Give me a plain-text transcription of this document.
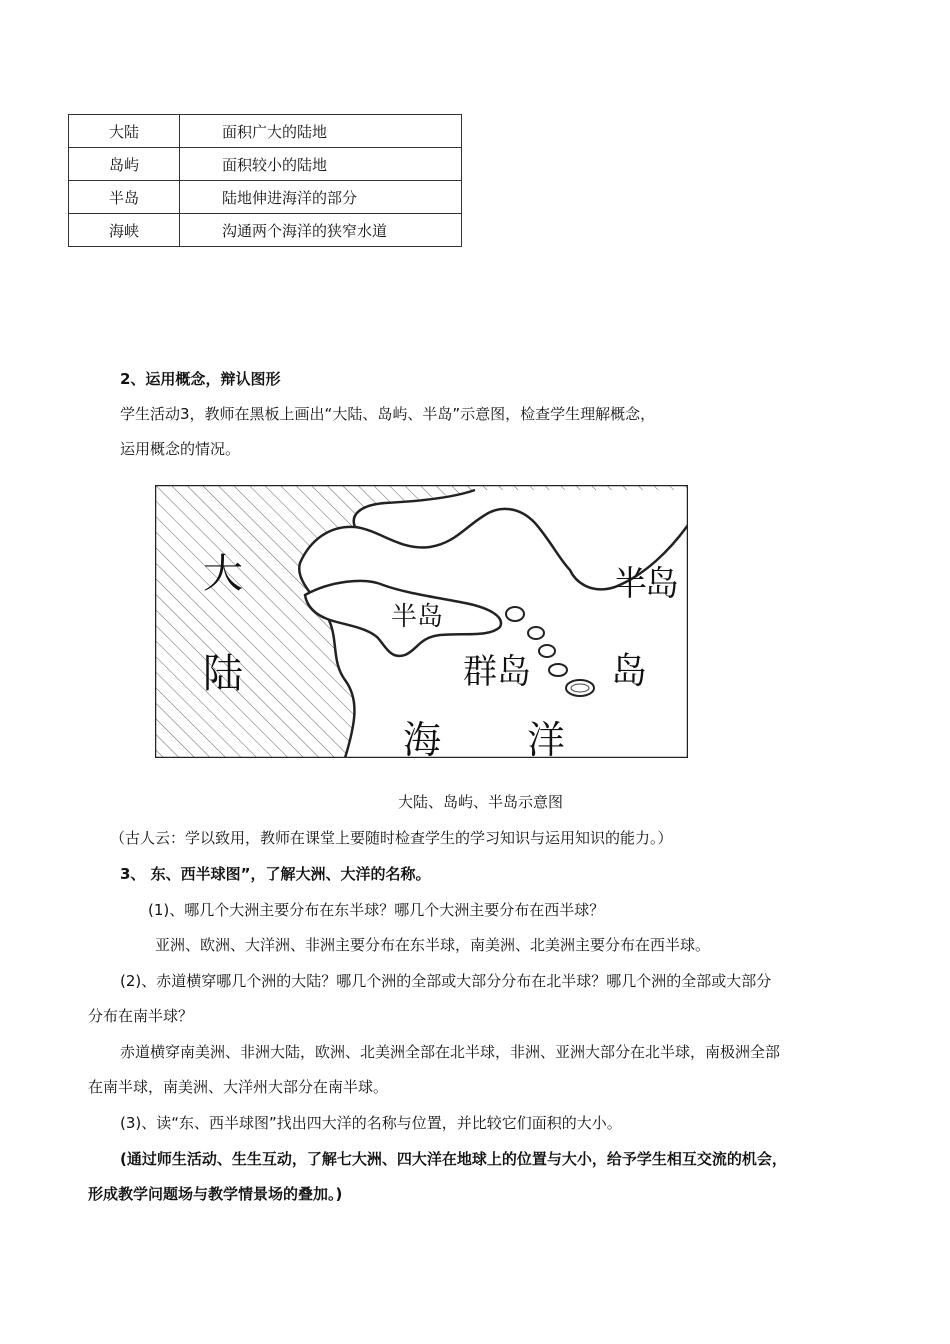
大陆	面积广大的陆地
岛屿	面积较小的陆地
半岛	陆地伸进海洋的部分
海峡	沟通两个海洋的狭窄水道
2、运用概念，辩认图形
学生活动3，教师在黑板上画出“大陆、岛屿、半岛”示意图，检查学生理解概念，
运用概念的情况。
大
陆
半岛
半
岛
群岛 岛
海 洋
大陆、岛屿、半岛示意图
（古人云：学以致用，教师在课堂上要随时检查学生的学习知识与运用知识的能力。）
3、 东、西半球图”，了解大洲、大洋的名称。
(1)、哪几个大洲主要分布在东半球？哪几个大洲主要分布在西半球？
亚洲、欧洲、大洋洲、非洲主要分布在东半球，南美洲、北美洲主要分布在西半球。
(2)、赤道横穿哪几个洲的大陆？哪几个洲的全部或大部分分布在北半球？哪几个洲的全部或大部分
分布在南半球？
赤道横穿南美洲、非洲大陆，欧洲、北美洲全部在北半球，非洲、亚洲大部分在北半球，南极洲全部
在南半球，南美洲、大洋州大部分在南半球。
(3)、读“东、西半球图”找出四大洋的名称与位置，并比较它们面积的大小。
(通过师生活动、生生互动，了解七大洲、四大洋在地球上的位置与大小，给予学生相互交流的机会，
形成教学问题场与教学情景场的叠加。)
